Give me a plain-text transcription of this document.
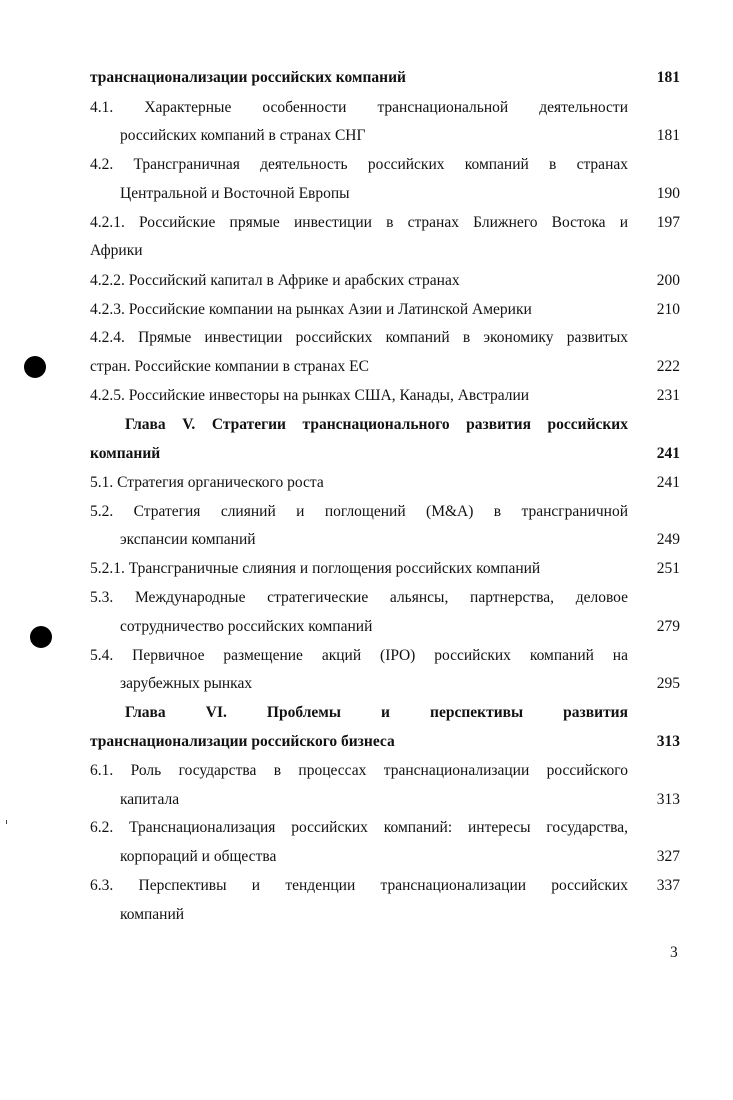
транснационализации российских компаний	181
4.1. Характерные особенности транснациональной деятельности
российских компаний в странах СНГ	181
4.2. Трансграничная деятельность российских компаний в странах
Центральной и Восточной Европы	190
4.2.1. Российские прямые инвестиции в странах Ближнего Востока и	197
Африки
4.2.2. Российский капитал в Африке и арабских странах	200
4.2.3. Российские компании на рынках Азии и Латинской Америки	210
4.2.4. Прямые инвестиции российских компаний в экономику развитых
стран. Российские компании в странах ЕС	222
4.2.5. Российские инвесторы на рынках США, Канады, Австралии	231
Глава V. Стратегии транснационального развития российских
компаний	241
5.1. Стратегия органического роста	241
5.2. Стратегия слияний и поглощений (M&A) в трансграничной
экспансии компаний	249
5.2.1. Трансграничные слияния и поглощения российских компаний	251
5.3. Международные стратегические альянсы, партнерства, деловое
сотрудничество российских компаний	279
5.4. Первичное размещение акций (IPO) российских компаний на
зарубежных рынках	295
Глава VI. Проблемы и перспективы развития
транснационализации российского бизнеса	313
6.1. Роль государства в процессах транснационализации российского
капитала	313
6.2. Транснационализация российских компаний: интересы государства,
корпораций и общества	327
6.3. Перспективы и тенденции транснационализации российских	337
компаний
3
